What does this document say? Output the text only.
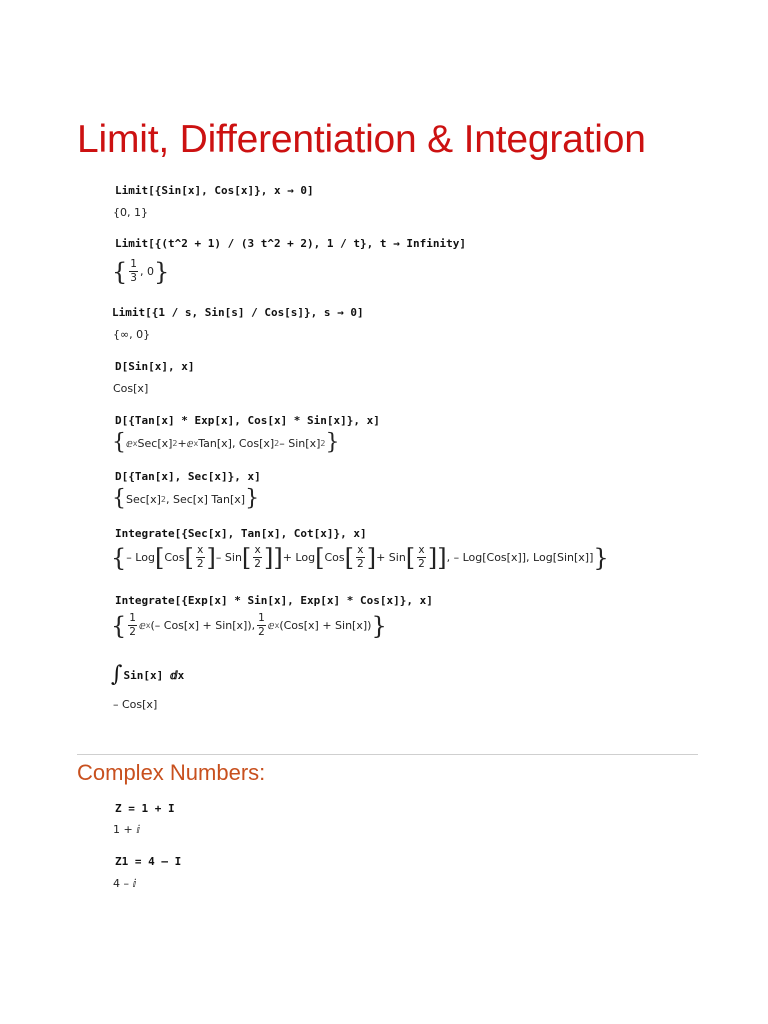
Limit, Differentiation & Integration
Limit[{Sin[x], Cos[x]}, x → 0]
{0, 1}
Limit[{(t^2 + 1) / (3 t^2 + 2), 1 / t}, t → Infinity]
{ $\frac{1}{3}$ , 0 }
Limit[{1 / s, Sin[s] / Cos[s]}, s → 0]
{∞, 0}
D[Sin[x], x]
Cos[x]
D[{Tan[x] * Exp[x], Cos[x] * Sin[x]}, x]
{ ⅇ x Sec[x] 2 + ⅇ x Tan[x], Cos[x] 2 – Sin[x] 2 }
D[{Tan[x], Sec[x]}, x]
{ Sec[x] 2 , Sec[x] Tan[x] }
Integrate[{Sec[x], Tan[x], Cot[x]}, x]
{ – Log [ Cos [ $\frac{x}{2}$ ] – Sin [ $\frac{x}{2}$ ]] + Log [ Cos [ $\frac{x}{2}$ ] + Sin [ $\frac{x}{2}$ ]] , – Log[Cos[x]], Log[Sin[x]] }
Integrate[{Exp[x] * Sin[x], Exp[x] * Cos[x]}, x]
{ $\frac{1}{2}$ ⅇ x (– Cos[x] + Sin[x]), $\frac{1}{2}$ ⅇ x (Cos[x] + Sin[x]) }
∫ Sin[x] ⅆx
– Cos[x]
Complex Numbers:
Z = 1 + I
1 + ⅈ
Z1 = 4 – I
4 – ⅈ
